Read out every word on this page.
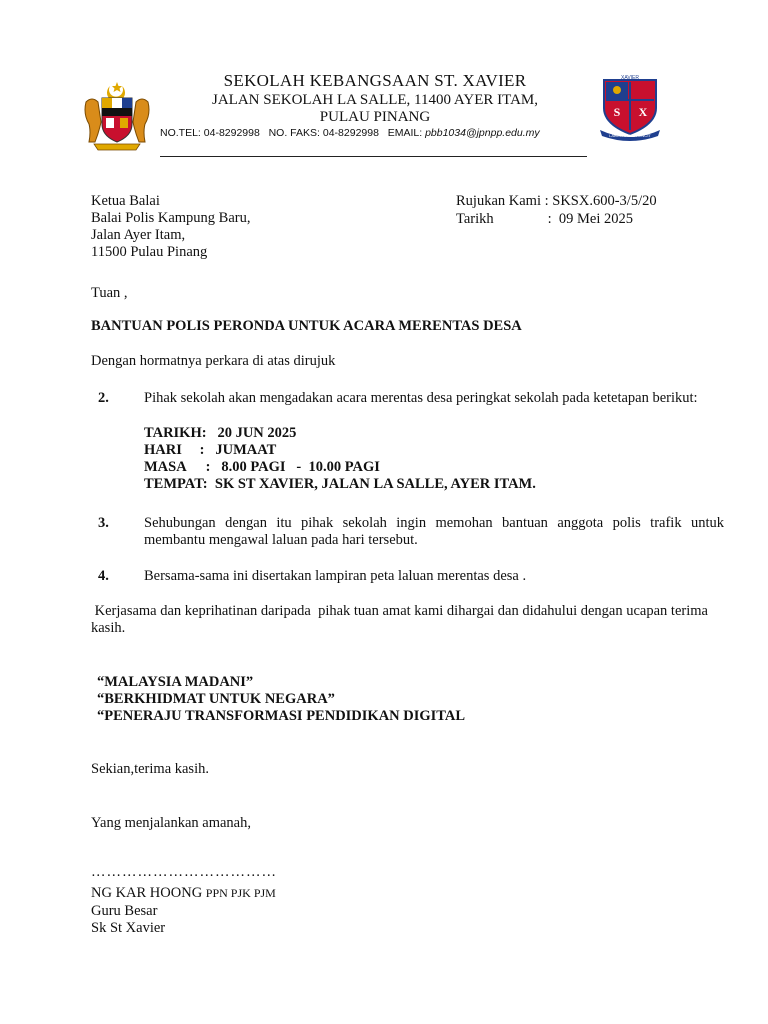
XAVIER
S X
LABOR OMNIA VINCIT
SEKOLAH KEBANGSAAN ST. XAVIER
JALAN SEKOLAH LA SALLE, 11400 AYER ITAM,
PULAU PINANG
NO.TEL: 04-8292998 NO. FAKS: 04-8292998 EMAIL: pbb1034@jpnpp.edu.my
Ketua Balai
Balai Polis Kampung Baru,
Jalan Ayer Itam,
11500 Pulau Pinang
Rujukan Kami : SKSX.600-3/5/20
Tarikh	: 09 Mei 2025
Tuan ,
BANTUAN POLIS PERONDA UNTUK ACARA MERENTAS DESA
Dengan hormatnya perkara di atas dirujuk
2. Pihak sekolah akan mengadakan acara merentas desa peringkat sekolah pada ketetapan berikut:
TARIKH: 20 JUN 2025
HARI : JUMAAT
MASA : 8.00 PAGI   -  10.00 PAGI
TEMPAT: SK ST XAVIER, JALAN LA SALLE, AYER ITAM.
3. Sehubungan dengan itu pihak sekolah ingin memohan bantuan anggota polis trafik untuk membantu mengawal laluan pada hari tersebut.
4. Bersama-sama ini disertakan lampiran peta laluan merentas desa .
Kerjasama dan keprihatinan daripada  pihak tuan amat kami dihargai dan didahului dengan ucapan terima kasih.
“MALAYSIA MADANI”
“BERKHIDMAT UNTUK NEGARA”
“PENERAJU TRANSFORMASI PENDIDIKAN DIGITAL
Sekian,terima kasih.
Yang menjalankan amanah,
………………………………
NG KAR HOONG PPN PJK PJM
Guru Besar
Sk St Xavier
